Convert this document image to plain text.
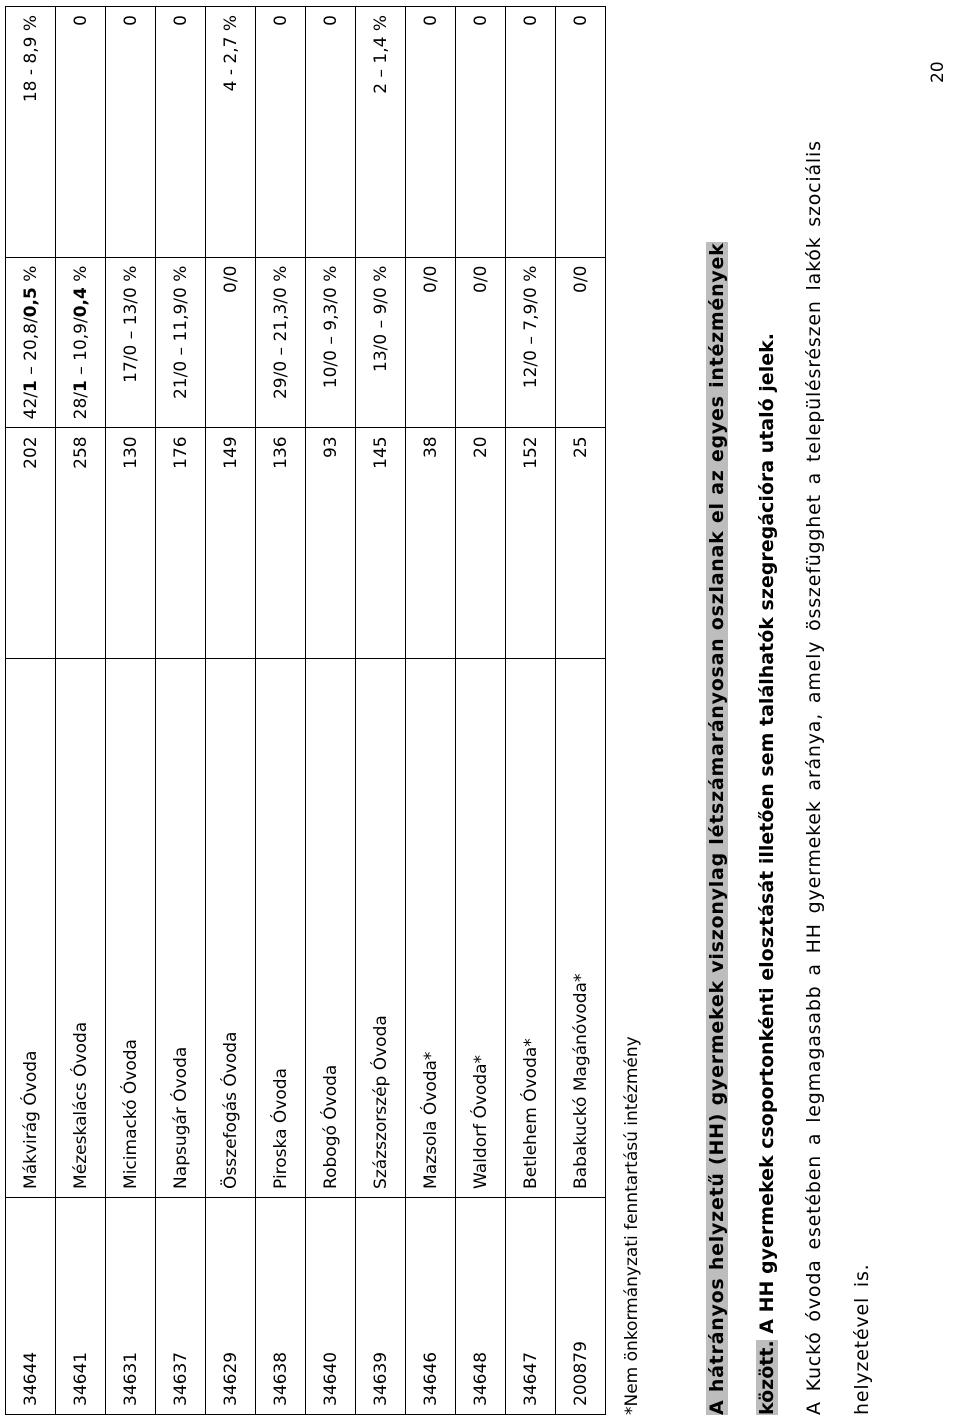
34644	Mákvirág Óvoda	202	42/1 – 20,8/0,5 %	18 - 8,9 %
34641	Mézeskalács Óvoda	258	28/1 – 10,9/0,4 %	0
34631	Micimackó Óvoda	130	17/0 – 13/0 %	0
34637	Napsugár Óvoda	176	21/0 – 11,9/0 %	0
34629	Összefogás Óvoda	149	0/0	4 - 2,7 %
34638	Piroska Óvoda	136	29/0 – 21,3/0 %	0
34640	Robogó Óvoda	93	10/0 – 9,3/0 %	0
34639	Százszorszép Óvoda	145	13/0 – 9/0 %	2 – 1,4 %
34646	Mazsola Óvoda*	38	0/0	0
34648	Waldorf Óvoda*	20	0/0	0
34647	Betlehem Óvoda*	152	12/0 – 7,9/0 %	0
200879	Babakuckó Magánóvoda*	25	0/0	0
*Nem önkormányzati fenntartású intézmény	A hátrányos helyzetű (HH) gyermekek viszonylag létszámarányosan oszlanak el az egyes intézmények között. A HH gyermekek csoportonkénti elosztását illetően sem találhatók szegregációra utaló jelek.	A Kuckó óvoda esetében a legmagasabb a HH gyermekek aránya, amely összefügghet a településrészen lakók szociális helyzetével is.
20
